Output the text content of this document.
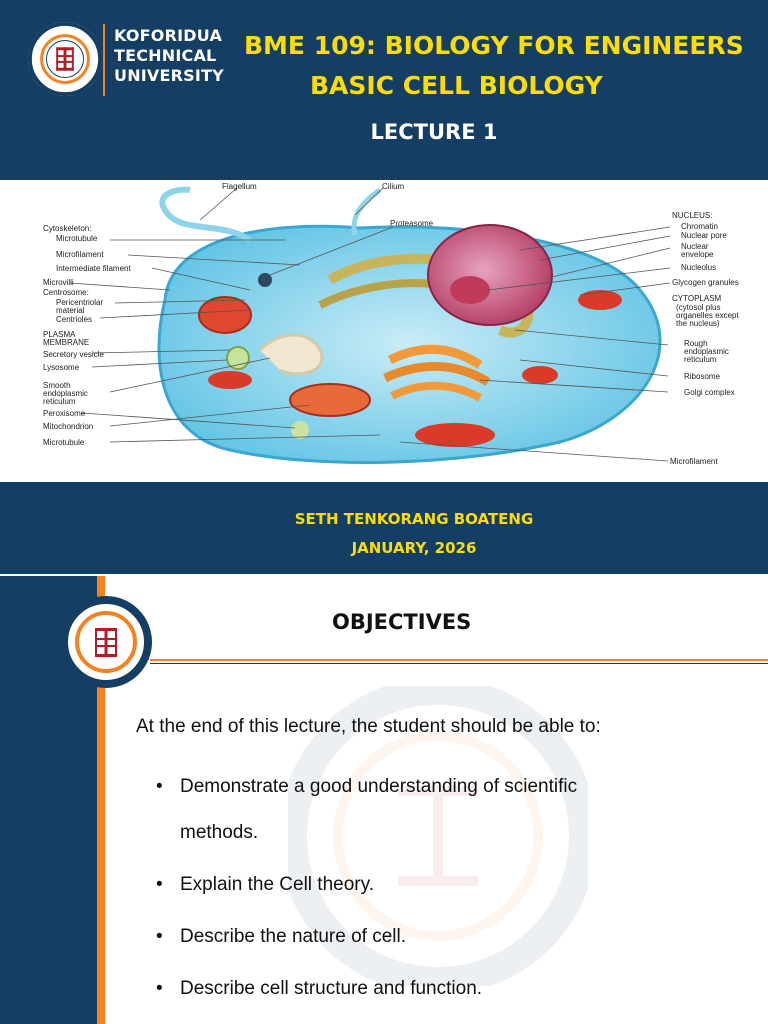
KOFORIDUA
TECHNICAL
UNIVERSITY
BME 109: BIOLOGY FOR ENGINEERS
BASIC CELL BIOLOGY
LECTURE 1
Flagellum	Cilium
Proteasome
Cytoskeleton:
Microtubule
Microfilament
Intermediate filament
Microvilli
Centrosome:
Pericentriolar
material
Centrioles
PLASMA
MEMBRANE
Secretory vesicle
Lysosome
Smooth
endoplasmic
reticulum
Peroxisome
Mitochondrion
Microtubule
NUCLEUS:
Chromatin
Nuclear pore
Nuclear
envelope
Nucleolus
Glycogen granules
CYTOPLASM
(cytosol plus
organelles except
the nucleus)
Rough
endoplasmic
reticulum
Ribosome
Golgi complex
Microfilament
SETH TENKORANG BOATENG
JANUARY, 2026
OBJECTIVES
At the end of this lecture, the student should be able to:
• Demonstrate a good understanding of scientific
methods.
• Explain the Cell theory.
• Describe the nature of cell.
• Describe cell structure and function.
